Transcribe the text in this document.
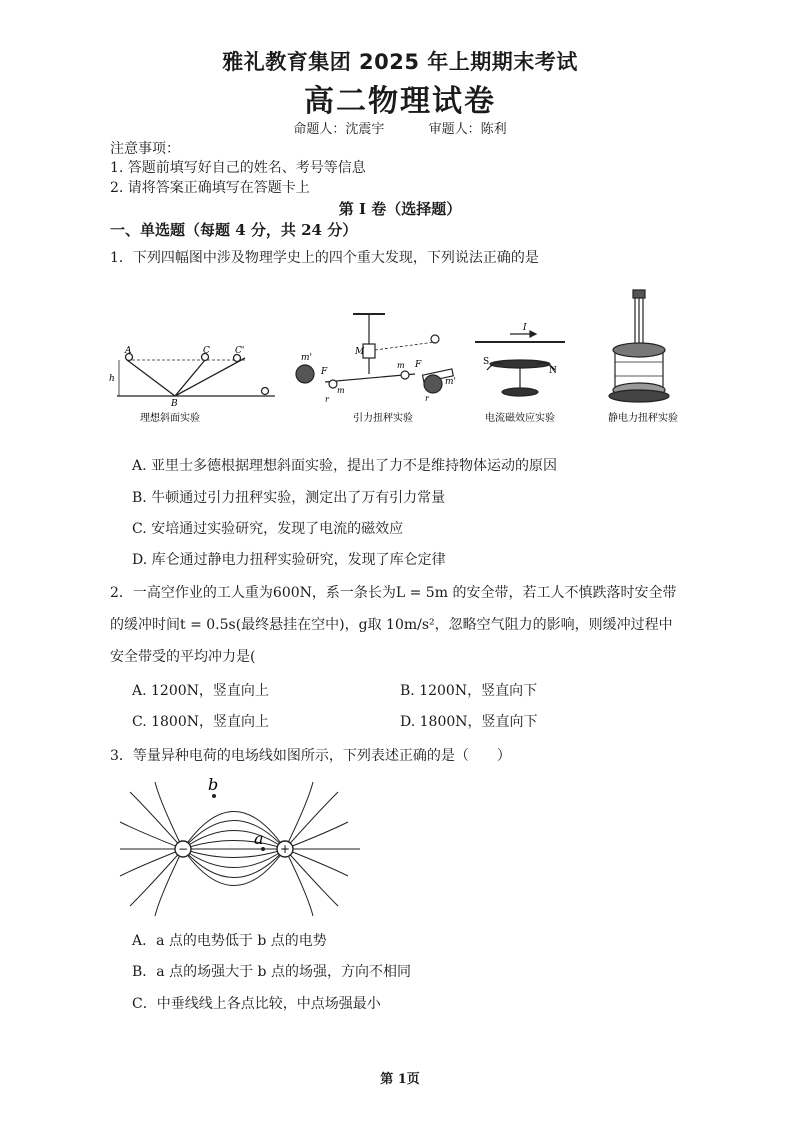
雅礼教育集团 2025 年上期期末考试
高二物理试卷
命题人：沈震宇	审题人：陈利
注意事项：
1. 答题前填写好自己的姓名、考号等信息
2. 请将答案正确填写在答题卡上
第 I 卷（选择题）
一、单选题（每题 4 分，共 24 分）
1．下列四幅图中涉及物理学史上的四个重大发现，下列说法正确的是
A	C	C'
h
B
理想斜面实验
m'
F
m
r
M
m F
r
m'
引力扭秤实验
I
S
N
电流磁效应实验	静电力扭秤实验
A. 亚里士多德根据理想斜面实验，提出了力不是维持物体运动的原因
B. 牛顿通过引力扭秤实验，测定出了万有引力常量
C. 安培通过实验研究，发现了电流的磁效应
D. 库仑通过静电力扭秤实验研究，发现了库仑定律
2．一高空作业的工人重为600N，系一条长为L = 5m 的安全带，若工人不慎跌落时安全带
的缓冲时间t = 0.5s(最终悬挂在空中)，g取 10m/s²，忽略空气阻力的影响，则缓冲过程中
安全带受的平均冲力是(
A. 1200N，竖直向上	B. 1200N，竖直向下
C. 1800N，竖直向上	D. 1800N，竖直向下
3．等量异种电荷的电场线如图所示，下列表述正确的是（　　）
−	+
a
b
A．a 点的电势低于 b 点的电势
B．a 点的场强大于 b 点的场强，方向不相同
C．中垂线线上各点比较，中点场强最小
第 1页
